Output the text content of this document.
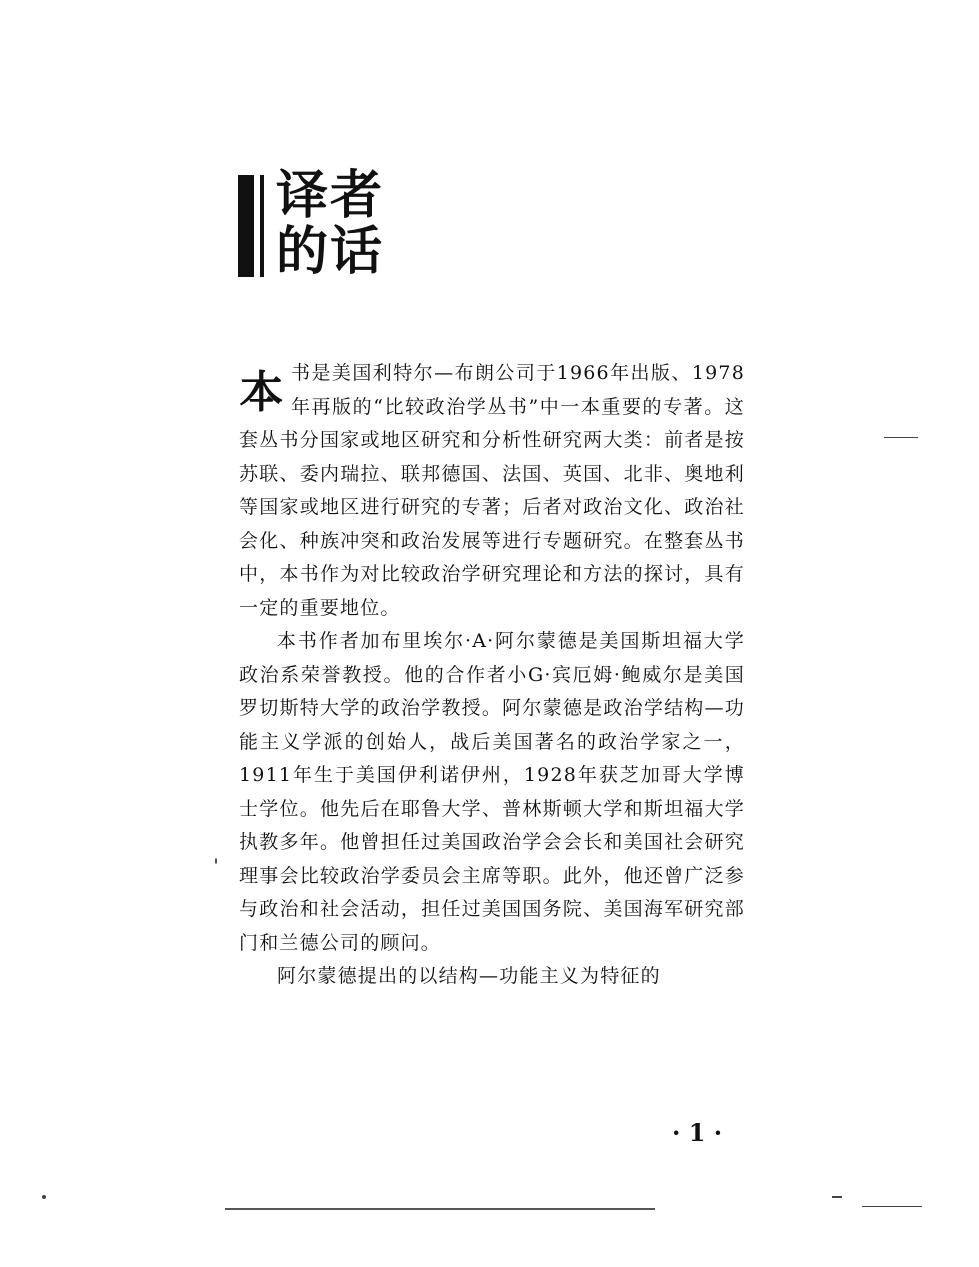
译者
的话

本书是美国利特尔—布朗公司于1966年出版、1978年再版的“比较政治学丛书”中一本重要的专著。这套丛书分国家或地区研究和分析性研究两大类：前者是按苏联、委内瑞拉、联邦德国、法国、英国、北非、奥地利等国家或地区进行研究的专著；后者对政治文化、政治社会化、种族冲突和政治发展等进行专题研究。在整套丛书中，本书作为对比较政治学研究理论和方法的探讨，具有一定的重要地位。

本书作者加布里埃尔·A·阿尔蒙德是美国斯坦福大学政治系荣誉教授。他的合作者小G·宾厄姆·鲍威尔是美国罗切斯特大学的政治学教授。阿尔蒙德是政治学结构—功能主义学派的创始人，战后美国著名的政治学家之一，1911年生于美国伊利诺伊州，1928年获芝加哥大学博士学位。他先后在耶鲁大学、普林斯顿大学和斯坦福大学执教多年。他曾担任过美国政治学会会长和美国社会研究理事会比较政治学委员会主席等职。此外，他还曾广泛参与政治和社会活动，担任过美国国务院、美国海军研究部门和兰德公司的顾问。

阿尔蒙德提出的以结构—功能主义为特征的

· 1 ·
